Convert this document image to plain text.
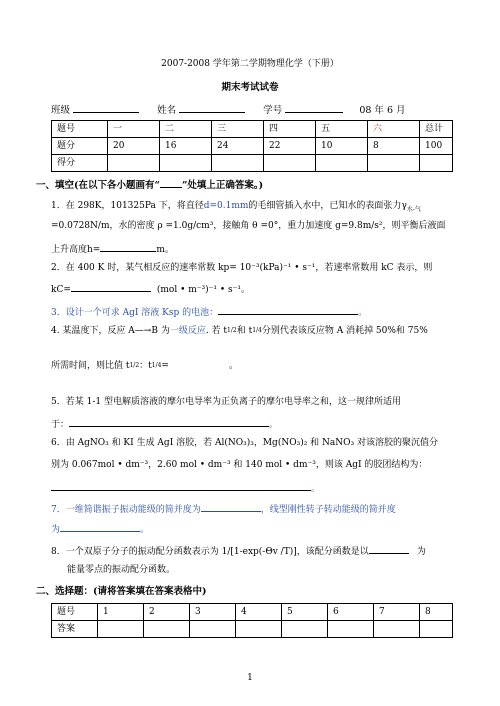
2007-2008 学年第二学期物理化学（下册）
期末考试试卷
班级	姓名	学号	08 年 6 月
题号	一	二	三	四	五	六	总计
题分	20	16	24	22	10	8	100
得分							
一、填空(在以下各小题画有“ ”处填上正确答案。)
1．在 298K，101325Pa 下，将直径d=0.1mm的毛细管插入水中，已知水的表面张力$\gamma_{水-气}$
=0.0728N/m，水的密度 ρ =1.0g/cm³，接触角 θ =0°，重力加速度 g=9.8m/s²，则平衡后液面
上升高度h=	m。
2．在 400 K 时，某气相反应的速率常数 kp= 10⁻³(kPa)⁻¹ • s⁻¹，若速率常数用 kC 表示，则
kC=	(mol • m⁻³)⁻¹ • s⁻¹。
3．设计一个可求 AgI 溶液 Ksp 的电池：	。
4. 某温度下，反应 A—→B 为一级反应. 若 t1/2和 t1/4分别代表该反应物 A 消耗掉 50%和 75%
所需时间，则比值 t1/2：t1/4=	。
5．若某 1-1 型电解质溶液的摩尔电导率为正负离子的摩尔电导率之和，这一规律所适用
于：	。
6．由 AgNO₃ 和 KI 生成 AgI 溶胶，若 Al(NO₃)₃，Mg(NO₃)₂ 和 NaNO₃ 对该溶胶的聚沉值分
别为 0.067mol • dm⁻³，2.60 mol • dm⁻³ 和 140 mol • dm⁻³，则该 AgI 的胶团结构为：
。
7．一维简谐振子振动能级的简并度为	，线型刚性转子转动能级的简并度
为	。
8．一个双原子分子的振动配分函数表示为 1/[1-exp(-Θv /T)]，该配分函数是以	为
能量零点的振动配分函数。
二、选择题：(请将答案填在答案表格中)
题号	1	2	3	4	5	6	7	8
答案								
1
